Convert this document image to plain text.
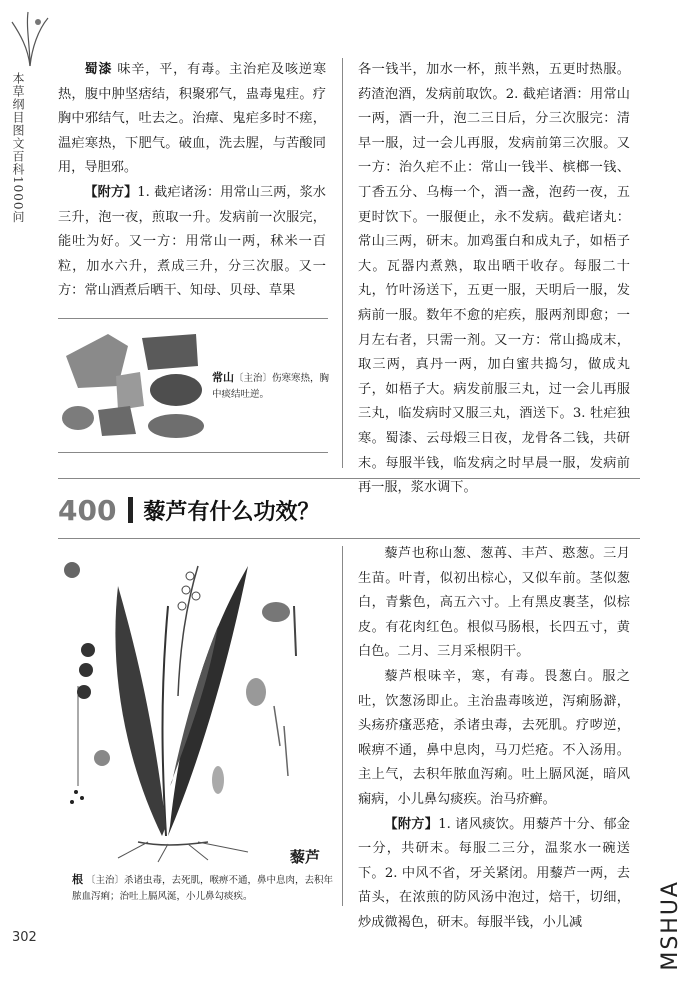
本草纲目图文百科1000问

蜀漆 味辛，平，有毒。主治疟及咳逆寒热，腹中肿坚痞结，积聚邪气，蛊毒鬼疰。疗胸中邪结气，吐去之。治瘴、鬼疟多时不瘥，温疟寒热，下肥气。破血，洗去腥，与苦酸同用，导胆邪。

【附方】1. 截疟诸汤：用常山三两，浆水三升，泡一夜，煎取一升。发病前一次服完，能吐为好。又一方：用常山一两，秫米一百粒，加水六升，煮成三升，分三次服。又一方：常山酒煮后晒干、知母、贝母、草果

各一钱半，加水一杯，煎半熟，五更时热服。药渣泡酒，发病前取饮。2. 截疟诸酒：用常山一两，酒一升，泡二三日后，分三次服完：清早一服，过一会儿再服，发病前第三次服。又一方：治久疟不止：常山一钱半、槟榔一钱、丁香五分、乌梅一个，酒一盏，泡药一夜，五更时饮下。一服便止，永不发病。截疟诸丸：常山三两，研末。加鸡蛋白和成丸子，如梧子大。瓦器内煮熟，取出晒干收存。每服二十丸，竹叶汤送下，五更一服，天明后一服，发病前一服。数年不愈的疟疾，服两剂即愈；一月左右者，只需一剂。又一方：常山捣成末，取三两，真丹一两，加白蜜共捣匀，做成丸子，如梧子大。病发前服三丸，过一会儿再服三丸，临发病时又服三丸，酒送下。3. 牡疟独寒。蜀漆、云母煅三日夜，龙骨各二钱，共研末。每服半钱，临发病之时早晨一服，发病前再一服，浆水调下。

常山〔主治〕伤寒寒热，胸中痰结吐逆。
400 藜芦有什么功效？
藜芦
根 〔主治〕杀诸虫毒，去死肌，喉痹不通，鼻中息肉，去积年脓血泻痢；治吐上膈风涎，小儿鼻勾痰疾。

藜芦也称山葱、葱苒、丰芦、憨葱。三月生苗。叶青，似初出棕心，又似车前。茎似葱白，青紫色，高五六寸。上有黑皮裹茎，似棕皮。有花肉红色。根似马肠根，长四五寸，黄白色。二月、三月采根阴干。

藜芦根味辛，寒，有毒。畏葱白。服之吐，饮葱汤即止。主治蛊毒咳逆，泻痢肠澼，头疡疥瘙恶疮，杀诸虫毒，去死肌。疗哕逆，喉痹不通，鼻中息肉，马刀烂疮。不入汤用。主上气，去积年脓血泻痢。吐上膈风涎，暗风痫病，小儿鼻勾痰疾。治马疥癣。

【附方】1. 诸风痰饮。用藜芦十分、郁金一分，共研末。每服二三分，温浆水一碗送下。2. 中风不省，牙关紧闭。用藜芦一两，去苗头，在浓煎的防风汤中泡过，焙干，切细，炒成微褐色，研末。每服半钱，小儿减

302	MSHUA
